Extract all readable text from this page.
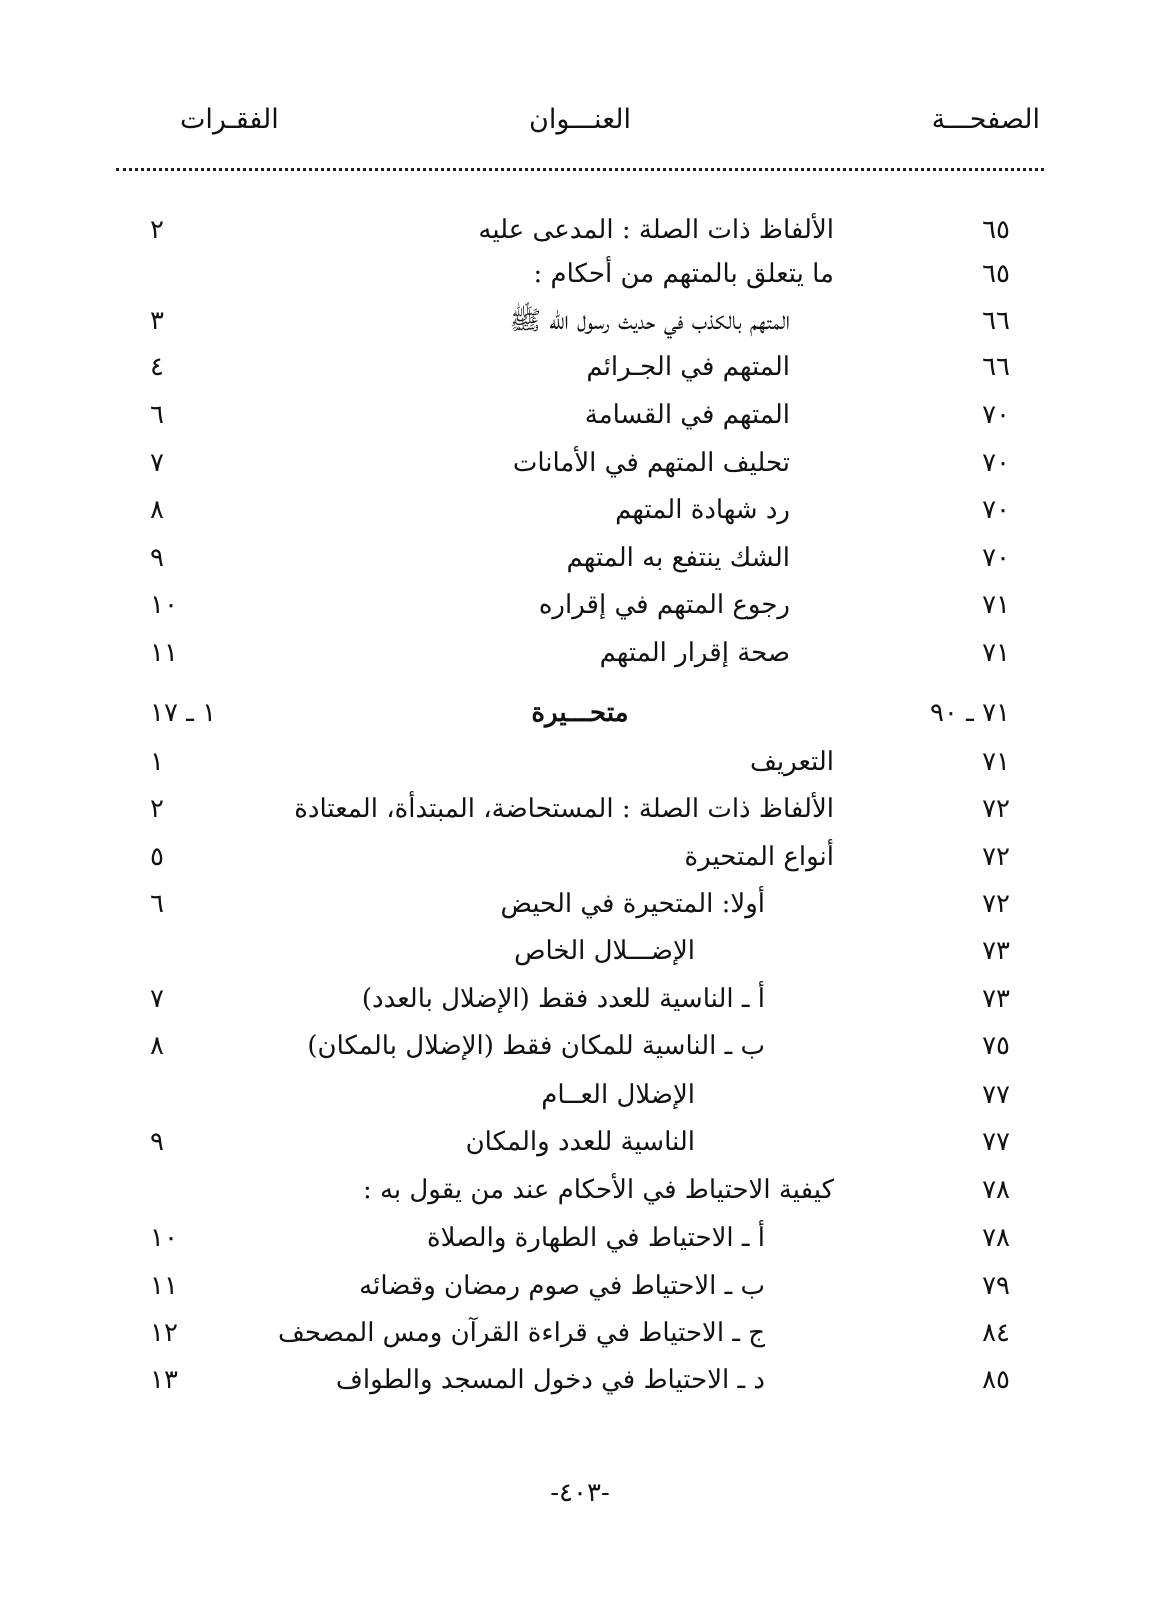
الصفحـــة
العنـــوان
الفقـرات
٦٥
الألفاظ ذات الصلة : المدعى عليه
٢
٦٥
ما يتعلق بالمتهم من أحكام :
٦٦
المتهم بالكذب في حديث رسول الله ﷺ
٣
٦٦
المتهم في الجـرائم
٤
٧٠
المتهم في القسامة
٦
٧٠
تحليف المتهم في الأمانات
٧
٧٠
رد شهادة المتهم
٨
٧٠
الشك ينتفع به المتهم
٩
٧١
رجوع المتهم في إقراره
١٠
٧١
صحة إقرار المتهم
١١
٧١ ـ ٩٠
متحـــيرة
١ ـ ١٧
٧١
التعريف
١
٧٢
الألفاظ ذات الصلة : المستحاضة، المبتدأة، المعتادة
٢
٧٢
أنواع المتحيرة
٥
٧٢
أولا: المتحيرة في الحيض
٦
٧٣
الإضـــلال الخاص
٧٣
أ ـ الناسية للعدد فقط (الإضلال بالعدد)
٧
٧٥
ب ـ الناسية للمكان فقط (الإضلال بالمكان)
٨
٧٧
الإضلال العــام
٧٧
الناسية للعدد والمكان
٩
٧٨
كيفية الاحتياط في الأحكام عند من يقول به :
٧٨
أ ـ الاحتياط في الطهارة والصلاة
١٠
٧٩
ب ـ الاحتياط في صوم رمضان وقضائه
١١
٨٤
ج ـ الاحتياط في قراءة القرآن ومس المصحف
١٢
٨٥
د ـ الاحتياط في دخول المسجد والطواف
١٣
-٤٠٣-
